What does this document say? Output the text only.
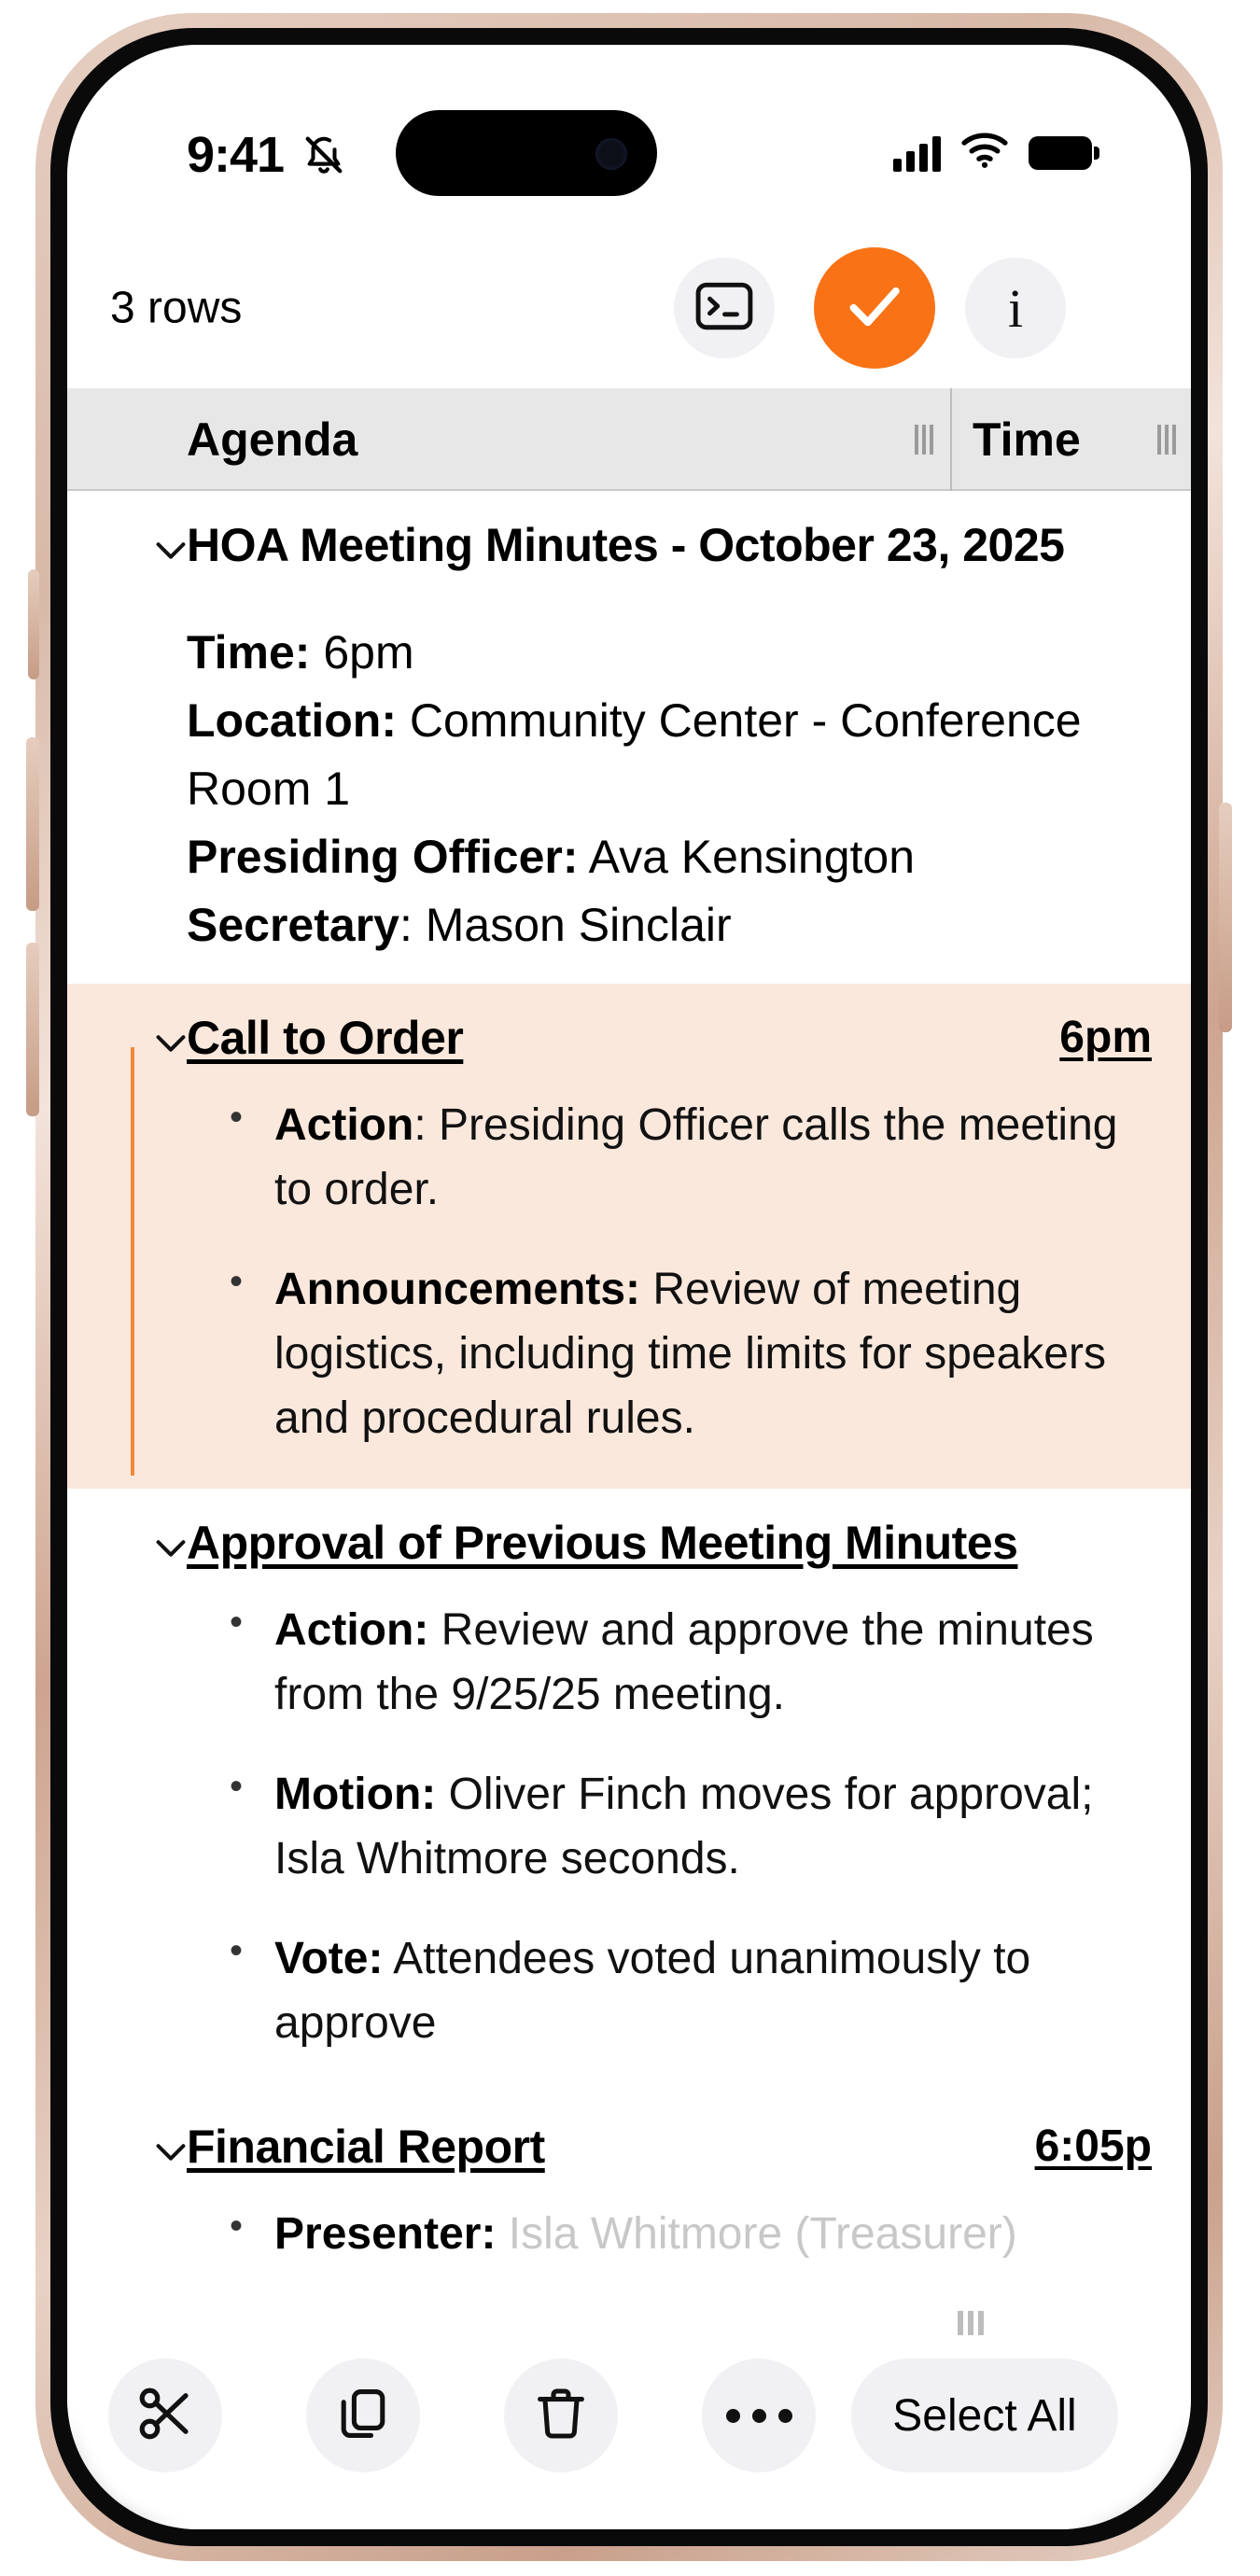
9:41
3 rows	i
Agenda	Time
HOA Meeting Minutes - October 23, 2025
Time: 6pm
Location: Community Center - Conference Room 1
Presiding Officer: Ava Kensington
Secretary: Mason Sinclair
Call to Order	6pm
• Action: Presiding Officer calls the meeting to order.
• Announcements: Review of meeting logistics, including time limits for speakers and procedural rules.
Approval of Previous Meeting Minutes
• Action: Review and approve the minutes from the 9/25/25 meeting.
• Motion: Oliver Finch moves for approval; Isla Whitmore seconds.
• Vote: Attendees voted unanimously to approve
Financial Report	6:05p
• Presenter: Isla Whitmore (Treasurer)
Select All
